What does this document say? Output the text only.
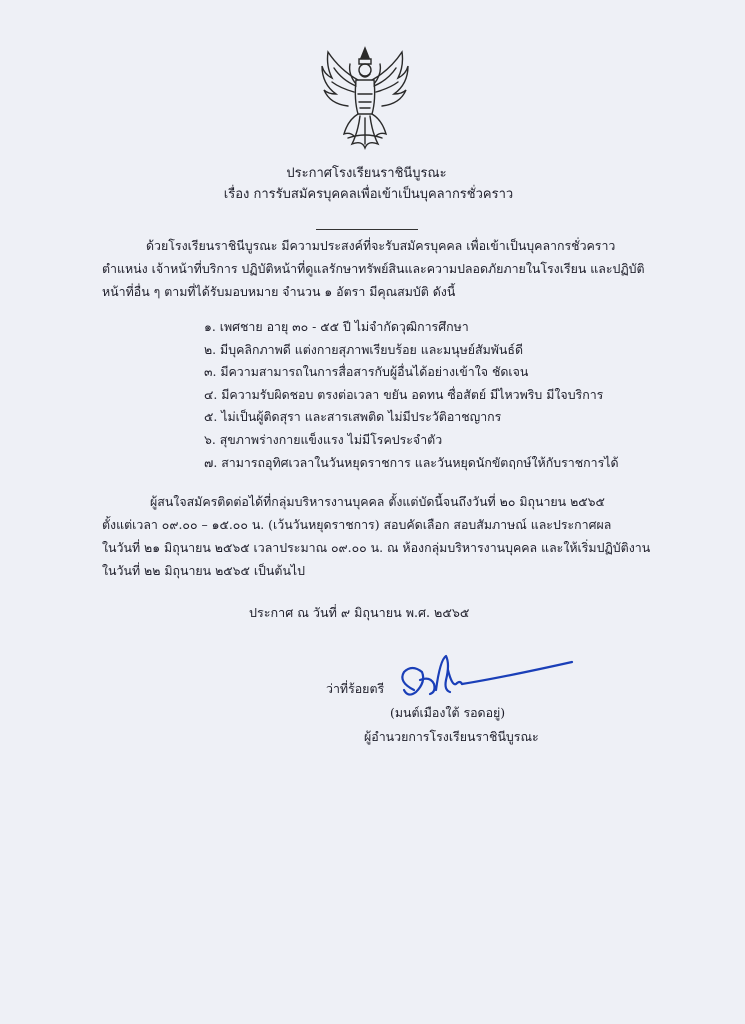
ประกาศโรงเรียนราชินีบูรณะ
เรื่อง การรับสมัครบุคคลเพื่อเข้าเป็นบุคลากรชั่วคราว
ด้วยโรงเรียนราชินีบูรณะ มีความประสงค์ที่จะรับสมัครบุคคล เพื่อเข้าเป็นบุคลากรชั่วคราว
ตำแหน่ง เจ้าหน้าที่บริการ ปฏิบัติหน้าที่ดูแลรักษาทรัพย์สินและความปลอดภัยภายในโรงเรียน และปฏิบัติ
หน้าที่อื่น ๆ ตามที่ได้รับมอบหมาย จำนวน ๑ อัตรา มีคุณสมบัติ ดังนี้
๑. เพศชาย อายุ ๓๐ - ๕๕ ปี ไม่จำกัดวุฒิการศึกษา
๒. มีบุคลิกภาพดี แต่งกายสุภาพเรียบร้อย และมนุษย์สัมพันธ์ดี
๓. มีความสามารถในการสื่อสารกับผู้อื่นได้อย่างเข้าใจ ชัดเจน
๔. มีความรับผิดชอบ ตรงต่อเวลา ขยัน อดทน ซื่อสัตย์ มีไหวพริบ มีใจบริการ
๕. ไม่เป็นผู้ติดสุรา และสารเสพติด ไม่มีประวัติอาชญากร
๖. สุขภาพร่างกายแข็งแรง ไม่มีโรคประจำตัว
๗. สามารถอุทิศเวลาในวันหยุดราชการ และวันหยุดนักขัตฤกษ์ให้กับราชการได้
ผู้สนใจสมัครติดต่อได้ที่กลุ่มบริหารงานบุคคล ตั้งแต่บัดนี้จนถึงวันที่ ๒๐ มิถุนายน ๒๕๖๕
ตั้งแต่เวลา ๐๙.๐๐ – ๑๕.๐๐ น. (เว้นวันหยุดราชการ) สอบคัดเลือก สอบสัมภาษณ์ และประกาศผล
ในวันที่ ๒๑ มิถุนายน ๒๕๖๕ เวลาประมาณ ๐๙.๐๐ น. ณ ห้องกลุ่มบริหารงานบุคคล และให้เริ่มปฏิบัติงาน
ในวันที่ ๒๒ มิถุนายน ๒๕๖๕ เป็นต้นไป
ประกาศ ณ วันที่ ๙ มิถุนายน พ.ศ. ๒๕๖๕
ว่าที่ร้อยตรี
(มนต์เมืองใต้ รอดอยู่)
ผู้อำนวยการโรงเรียนราชินีบูรณะ
